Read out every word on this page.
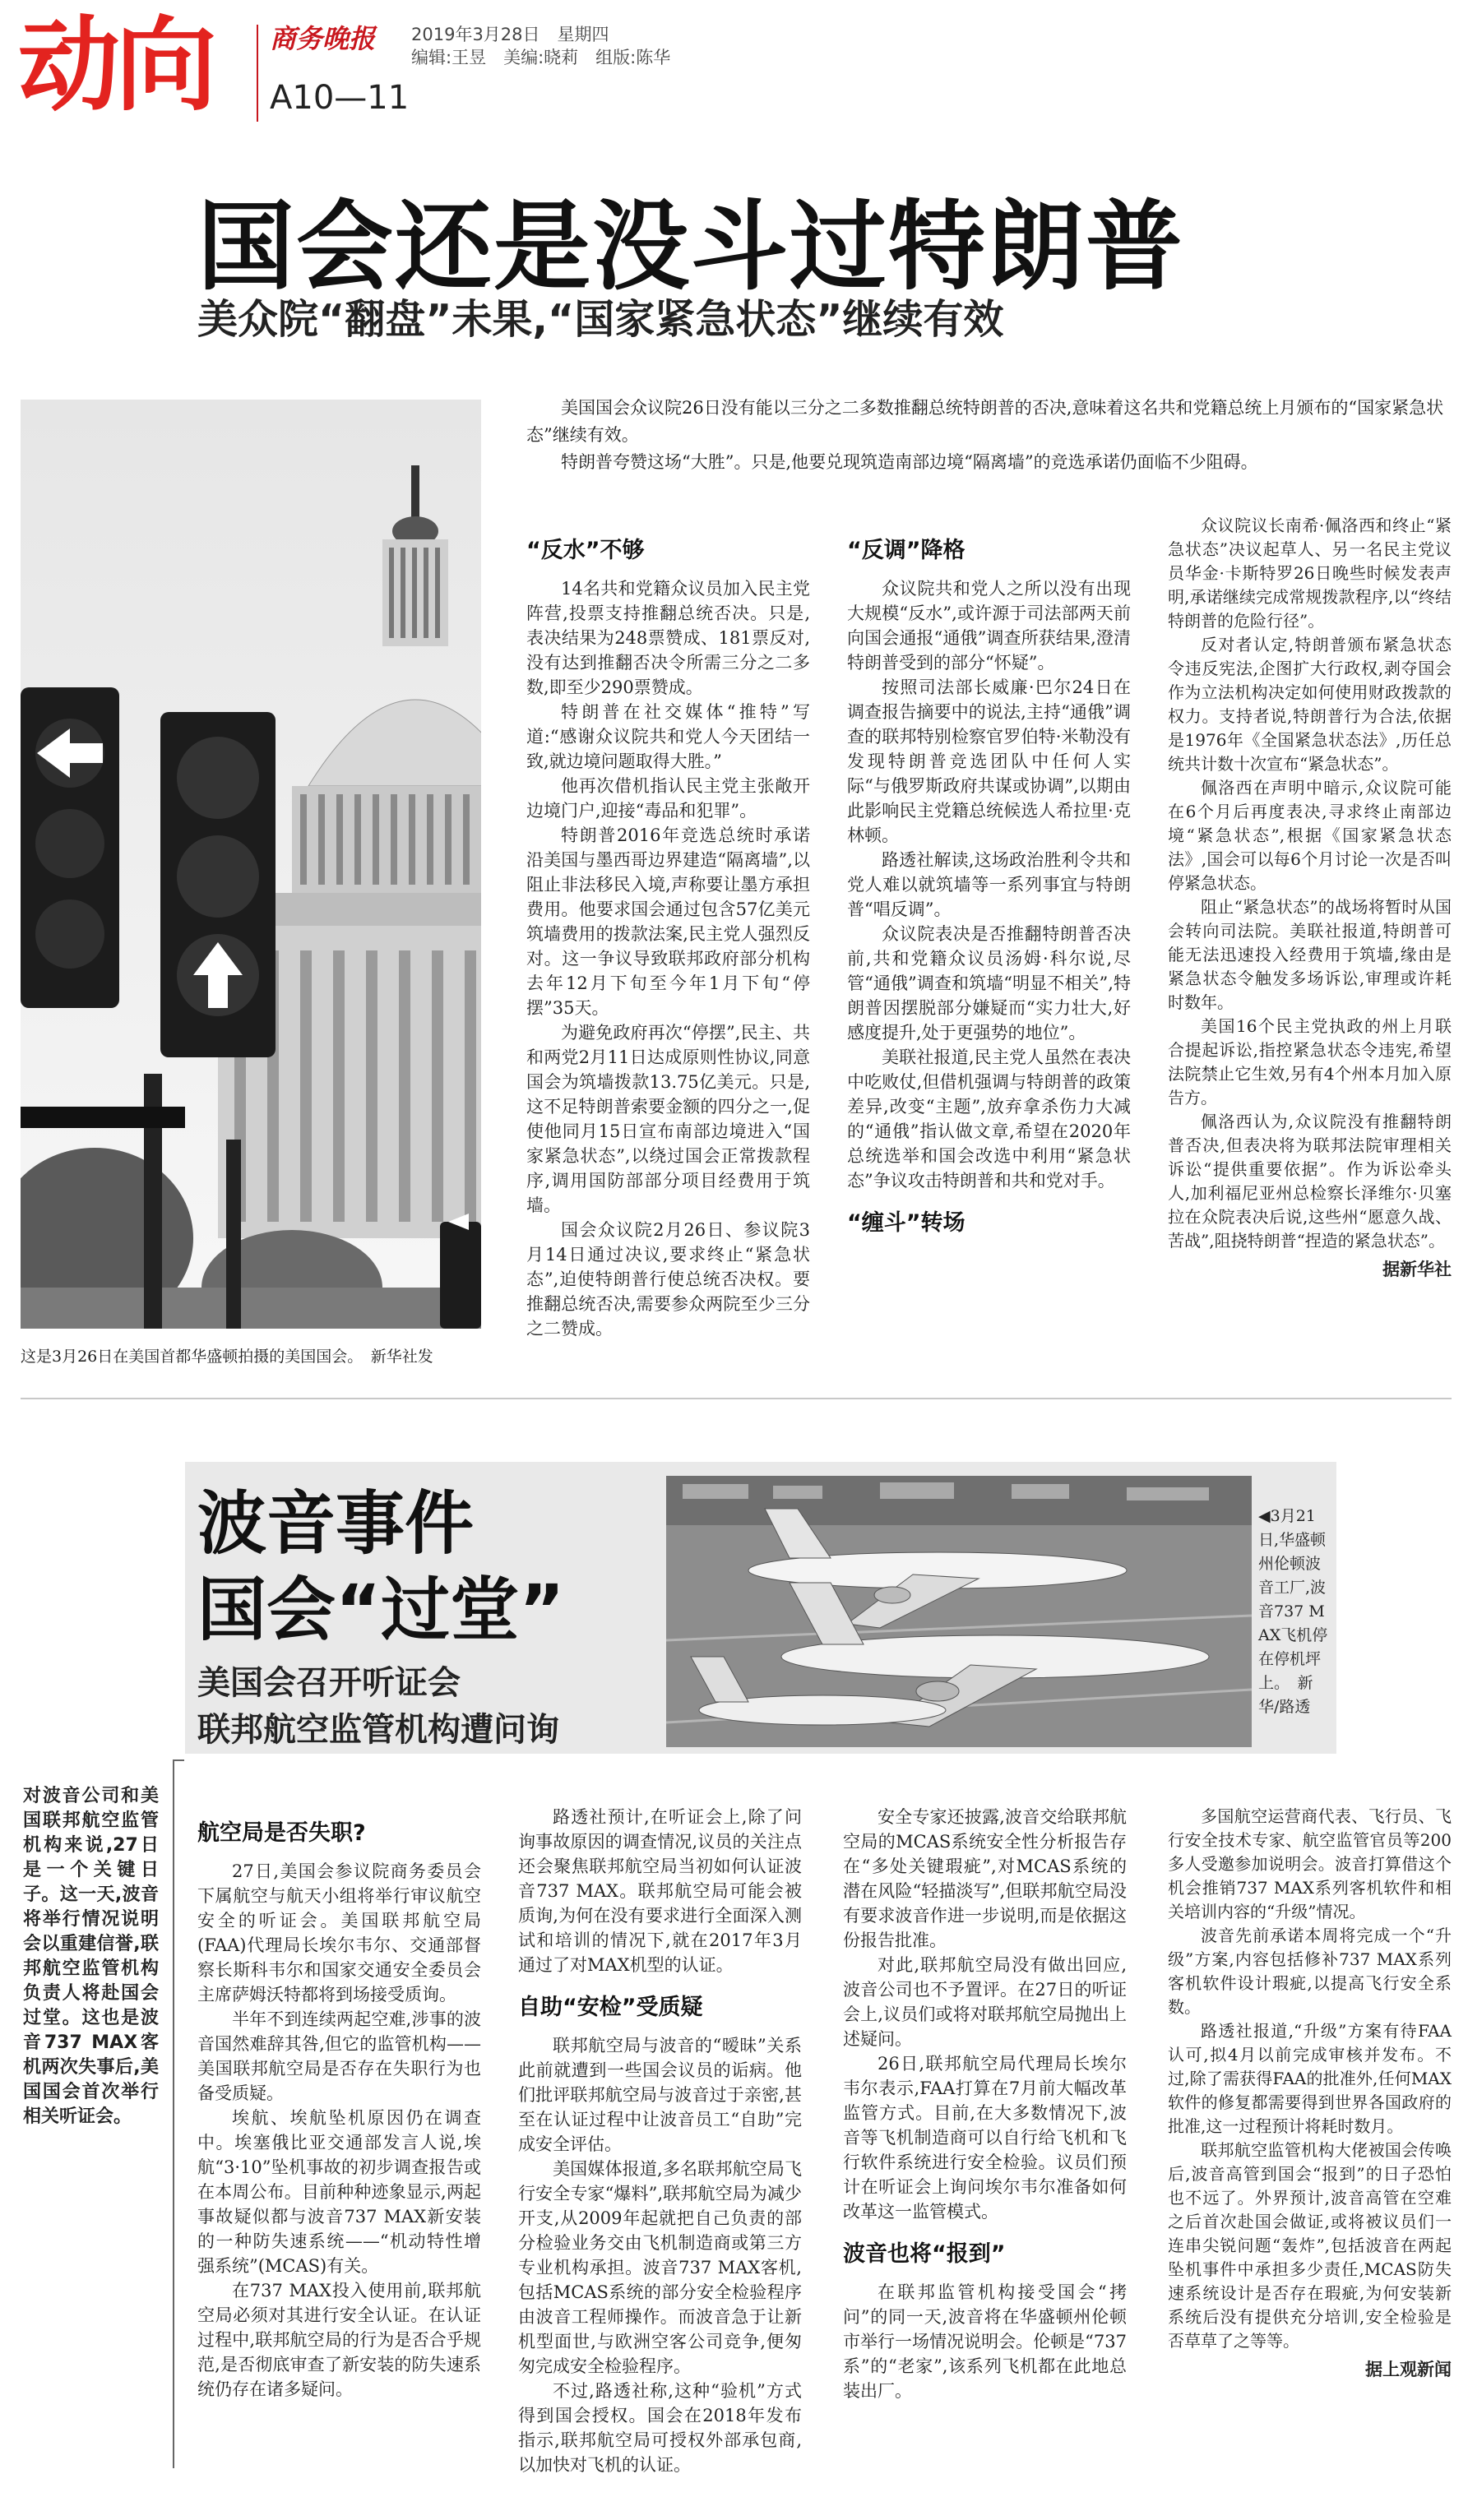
动向 商务晚报 2019年3月28日　星期四
编辑:王昱　美编:晓莉　组版:陈华
A10—11
国会还是没斗过特朗普
美众院“翻盘”未果,“国家紧急状态”继续有效

美国国会众议院26日没有能以三分之二多数推翻总统特朗普的否决,意味着这名共和党籍总统上月颁布的“国家紧急状态”继续有效。

特朗普夸赞这场“大胜”。只是,他要兑现筑造南部边境“隔离墙”的竞选承诺仍面临不少阻碍。

这是3月26日在美国首都华盛顿拍摄的美国国会。　新华社发
“反水”不够

14名共和党籍众议员加入民主党阵营,投票支持推翻总统否决。只是,表决结果为248票赞成、181票反对,没有达到推翻否决令所需三分之二多数,即至少290票赞成。

特朗普在社交媒体“推特”写道:“感谢众议院共和党人今天团结一致,就边境问题取得大胜。”

他再次借机指认民主党主张敞开边境门户,迎接“毒品和犯罪”。

特朗普2016年竞选总统时承诺沿美国与墨西哥边界建造“隔离墙”,以阻止非法移民入境,声称要让墨方承担费用。他要求国会通过包含57亿美元筑墙费用的拨款法案,民主党人强烈反对。这一争议导致联邦政府部分机构去年12月下旬至今年1月下旬“停摆”35天。

为避免政府再次“停摆”,民主、共和两党2月11日达成原则性协议,同意国会为筑墙拨款13.75亿美元。只是,这不足特朗普索要金额的四分之一,促使他同月15日宣布南部边境进入“国家紧急状态”,以绕过国会正常拨款程序,调用国防部部分项目经费用于筑墙。

国会众议院2月26日、参议院3月14日通过决议,要求终止“紧急状态”,迫使特朗普行使总统否决权。要推翻总统否决,需要参众两院至少三分之二赞成。

“反调”降格

众议院共和党人之所以没有出现大规模“反水”,或许源于司法部两天前向国会通报“通俄”调查所获结果,澄清特朗普受到的部分“怀疑”。

按照司法部长威廉·巴尔24日在调查报告摘要中的说法,主持“通俄”调查的联邦特别检察官罗伯特·米勒没有发现特朗普竞选团队中任何人实际“与俄罗斯政府共谋或协调”,以期由此影响民主党籍总统候选人希拉里·克林顿。

路透社解读,这场政治胜利令共和党人难以就筑墙等一系列事宜与特朗普“唱反调”。

众议院表决是否推翻特朗普否决前,共和党籍众议员汤姆·科尔说,尽管“通俄”调查和筑墙“明显不相关”,特朗普因摆脱部分嫌疑而“实力壮大,好感度提升,处于更强势的地位”。

美联社报道,民主党人虽然在表决中吃败仗,但借机强调与特朗普的政策差异,改变“主题”,放弃拿杀伤力大减的“通俄”指认做文章,希望在2020年总统选举和国会改选中利用“紧急状态”争议攻击特朗普和共和党对手。

“缠斗”转场

众议院议长南希·佩洛西和终止“紧急状态”决议起草人、另一名民主党议员华金·卡斯特罗26日晚些时候发表声明,承诺继续完成常规拨款程序,以“终结特朗普的危险行径”。

反对者认定,特朗普颁布紧急状态令违反宪法,企图扩大行政权,剥夺国会作为立法机构决定如何使用财政拨款的权力。支持者说,特朗普行为合法,依据是1976年《全国紧急状态法》,历任总统共计数十次宣布“紧急状态”。

佩洛西在声明中暗示,众议院可能在6个月后再度表决,寻求终止南部边境“紧急状态”,根据《国家紧急状态法》,国会可以每6个月讨论一次是否叫停紧急状态。

阻止“紧急状态”的战场将暂时从国会转向司法院。美联社报道,特朗普可能无法迅速投入经费用于筑墙,缘由是紧急状态令触发多场诉讼,审理或许耗时数年。

美国16个民主党执政的州上月联合提起诉讼,指控紧急状态令违宪,希望法院禁止它生效,另有4个州本月加入原告方。

佩洛西认为,众议院没有推翻特朗普否决,但表决将为联邦法院审理相关诉讼“提供重要依据”。作为诉讼牵头人,加利福尼亚州总检察长泽维尔·贝塞拉在众院表决后说,这些州“愿意久战、苦战”,阻挠特朗普“捏造的紧急状态”。

据新华社
波音事件
国会“过堂”
美国会召开听证会
联邦航空监管机构遭问询
◀3月21日,华盛顿州伦顿波音工厂,波音737 MAX飞机停在停机坪上。　新华/路透
对波音公司和美国联邦航空监管机构来说,27日是一个关键日子。这一天,波音将举行情况说明会以重建信誉,联邦航空监管机构负责人将赴国会过堂。这也是波音737 MAX客机两次失事后,美国国会首次举行相关听证会。
航空局是否失职?

27日,美国会参议院商务委员会下属航空与航天小组将举行审议航空安全的听证会。美国联邦航空局(FAA)代理局长埃尔韦尔、交通部督察长斯科韦尔和国家交通安全委员会主席萨姆沃特都将到场接受质询。

半年不到连续两起空难,涉事的波音国然难辞其咎,但它的监管机构——美国联邦航空局是否存在失职行为也备受质疑。

埃航、埃航坠机原因仍在调查中。埃塞俄比亚交通部发言人说,埃航“3·10”坠机事故的初步调查报告或在本周公布。目前种种迹象显示,两起事故疑似都与波音737 MAX新安装的一种防失速系统——“机动特性增强系统”(MCAS)有关。

在737 MAX投入使用前,联邦航空局必须对其进行安全认证。在认证过程中,联邦航空局的行为是否合乎规范,是否彻底审查了新安装的防失速系统仍存在诸多疑问。

路透社预计,在听证会上,除了问询事故原因的调查情况,议员的关注点还会聚焦联邦航空局当初如何认证波音737 MAX。联邦航空局可能会被质询,为何在没有要求进行全面深入测试和培训的情况下,就在2017年3月通过了对MAX机型的认证。

自助“安检”受质疑

联邦航空局与波音的“暧昧”关系此前就遭到一些国会议员的诟病。他们批评联邦航空局与波音过于亲密,甚至在认证过程中让波音员工“自助”完成安全评估。

美国媒体报道,多名联邦航空局飞行安全专家“爆料”,联邦航空局为减少开支,从2009年起就把自己负责的部分检验业务交由飞机制造商或第三方专业机构承担。波音737 MAX客机,包括MCAS系统的部分安全检验程序由波音工程师操作。而波音急于让新机型面世,与欧洲空客公司竞争,便匆匆完成安全检验程序。

不过,路透社称,这种“验机”方式得到国会授权。国会在2018年发布指示,联邦航空局可授权外部承包商,以加快对飞机的认证。

安全专家还披露,波音交给联邦航空局的MCAS系统安全性分析报告存在“多处关键瑕疵”,对MCAS系统的潜在风险“轻描淡写”,但联邦航空局没有要求波音作进一步说明,而是依据这份报告批准。

对此,联邦航空局没有做出回应,波音公司也不予置评。在27日的听证会上,议员们或将对联邦航空局抛出上述疑问。

26日,联邦航空局代理局长埃尔韦尔表示,FAA打算在7月前大幅改革监管方式。目前,在大多数情况下,波音等飞机制造商可以自行给飞机和飞行软件系统进行安全检验。议员们预计在听证会上询问埃尔韦尔准备如何改革这一监管模式。

波音也将“报到”

在联邦监管机构接受国会“拷问”的同一天,波音将在华盛顿州伦顿市举行一场情况说明会。伦顿是“737系”的“老家”,该系列飞机都在此地总装出厂。

多国航空运营商代表、飞行员、飞行安全技术专家、航空监管官员等200多人受邀参加说明会。波音打算借这个机会推销737 MAX系列客机软件和相关培训内容的“升级”情况。

波音先前承诺本周将完成一个“升级”方案,内容包括修补737 MAX系列客机软件设计瑕疵,以提高飞行安全系数。

路透社报道,“升级”方案有待FAA认可,拟4月以前完成审核并发布。不过,除了需获得FAA的批准外,任何MAX软件的修复都需要得到世界各国政府的批准,这一过程预计将耗时数月。

联邦航空监管机构大佬被国会传唤后,波音高管到国会“报到”的日子恐怕也不远了。外界预计,波音高管在空难之后首次赴国会做证,或将被议员们一连串尖锐问题“轰炸”,包括波音在两起坠机事件中承担多少责任,MCAS防失速系统设计是否存在瑕疵,为何安装新系统后没有提供充分培训,安全检验是否草草了之等等。

据上观新闻
